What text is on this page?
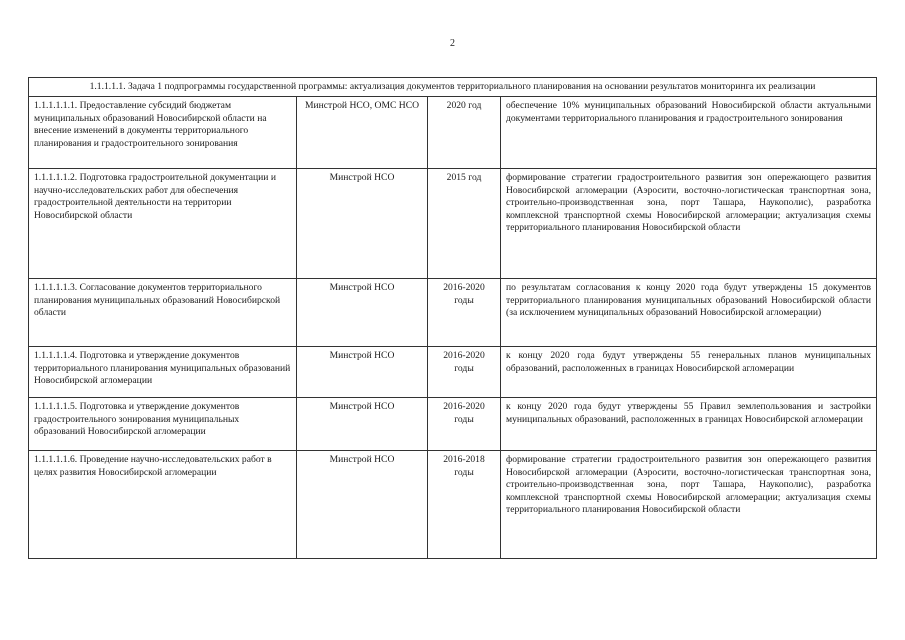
2
1.1.1.1.1. Задача 1 подпрограммы государственной программы: актуализация документов территориального планирования на основании результатов мониторинга их реализации			
1.1.1.1.1.1. Предоставление субсидий бюджетам муниципальных образований Новосибирской области на внесение изменений в документы территориального планирования и градостроительного зонирования	Минстрой НСО, ОМС НСО	2020 год	обеспечение 10% муниципальных образований Новосибирской области актуальными документами территориального планирования и градостроительного зонирования
1.1.1.1.1.2. Подготовка градостроительной документации и научно-исследовательских работ для обеспечения градостроительной деятельности на территории Новосибирской области	Минстрой НСО	2015 год	формирование стратегии градостроительного развития зон опережающего развития Новосибирской агломерации (Аэросити, восточно-логистическая транспортная зона, строительно-производственная зона, порт Ташара, Наукополис), разработка комплексной транспортной схемы Новосибирской агломерации; актуализация схемы территориального планирования Новосибирской области
1.1.1.1.1.3. Согласование документов территориального планирования муниципальных образований Новосибирской области	Минстрой НСО	2016-2020 годы	по результатам согласования к концу 2020 года будут утверждены 15 документов территориального планирования муниципальных образований Новосибирской области (за исключением муниципальных образований Новосибирской агломерации)
1.1.1.1.1.4. Подготовка и утверждение документов территориального планирования муниципальных образований Новосибирской агломерации	Минстрой НСО	2016-2020 годы	к концу 2020 года будут утверждены 55 генеральных планов муниципальных образований, расположенных в границах Новосибирской агломерации
1.1.1.1.1.5. Подготовка и утверждение документов градостроительного зонирования муниципальных образований Новосибирской агломерации	Минстрой НСО	2016-2020 годы	к концу 2020 года будут утверждены 55 Правил землепользования и застройки муниципальных образований, расположенных в границах Новосибирской агломерации
1.1.1.1.1.6. Проведение научно-исследовательских работ в целях развития Новосибирской агломерации	Минстрой НСО	2016-2018 годы	формирование стратегии градостроительного развития зон опережающего развития Новосибирской агломерации (Аэросити, восточно-логистическая транспортная зона, строительно-производственная зона, порт Ташара, Наукополис), разработка комплексной транспортной схемы Новосибирской агломерации; актуализация схемы территориального планирования Новосибирской области
